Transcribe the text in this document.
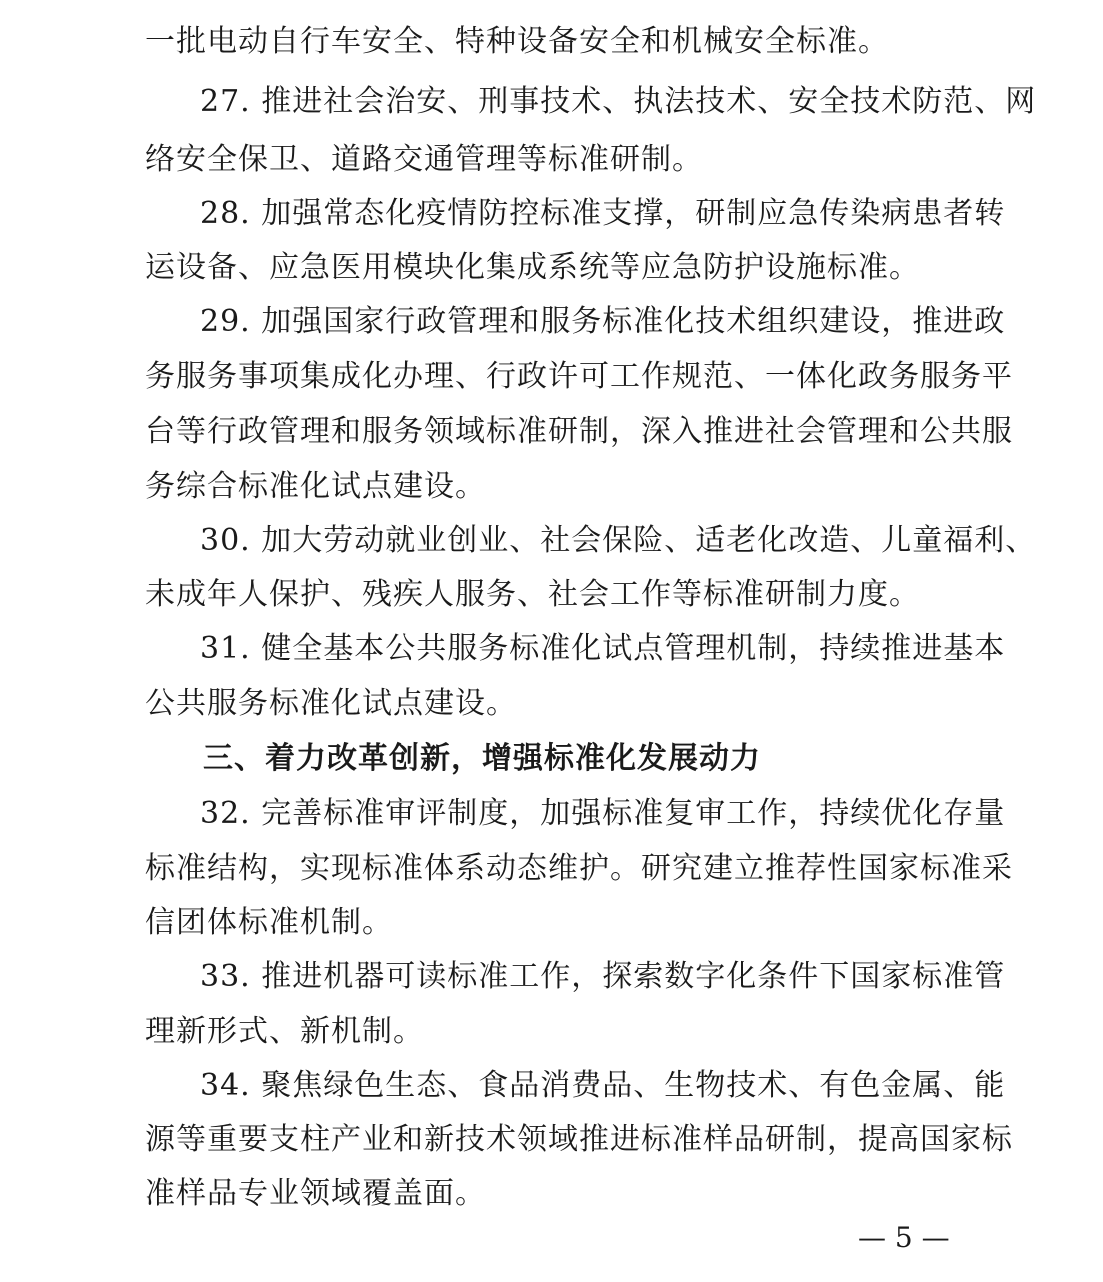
一批电动自行车安全、特种设备安全和机械安全标准。
27. 推进社会治安、刑事技术、执法技术、安全技术防范、网
络安全保卫、道路交通管理等标准研制。
28. 加强常态化疫情防控标准支撑，研制应急传染病患者转
运设备、应急医用模块化集成系统等应急防护设施标准。
29. 加强国家行政管理和服务标准化技术组织建设，推进政
务服务事项集成化办理、行政许可工作规范、一体化政务服务平
台等行政管理和服务领域标准研制，深入推进社会管理和公共服
务综合标准化试点建设。
30. 加大劳动就业创业、社会保险、适老化改造、儿童福利、
未成年人保护、残疾人服务、社会工作等标准研制力度。
31. 健全基本公共服务标准化试点管理机制，持续推进基本
公共服务标准化试点建设。
三、着力改革创新，增强标准化发展动力
32. 完善标准审评制度，加强标准复审工作，持续优化存量
标准结构，实现标准体系动态维护。研究建立推荐性国家标准采
信团体标准机制。
33. 推进机器可读标准工作，探索数字化条件下国家标准管
理新形式、新机制。
34. 聚焦绿色生态、食品消费品、生物技术、有色金属、能
源等重要支柱产业和新技术领域推进标准样品研制，提高国家标
准样品专业领域覆盖面。
— 5 —
